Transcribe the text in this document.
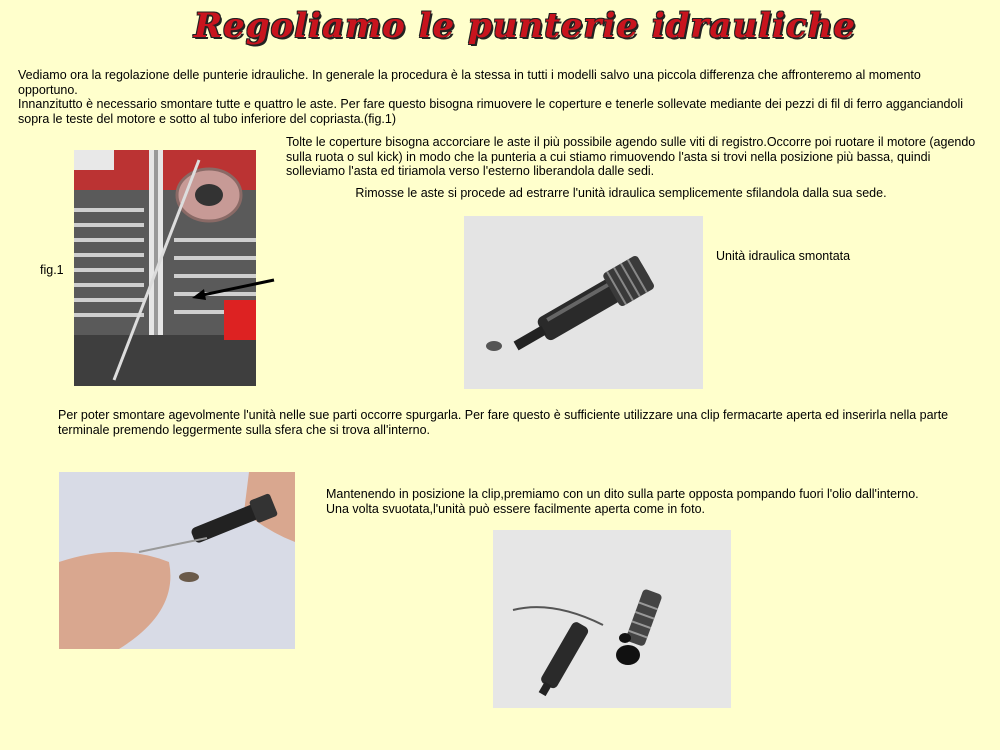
Regoliamo le punterie idrauliche

Vediamo ora la regolazione delle punterie idrauliche. In generale la procedura è la stessa in tutti i modelli salvo una piccola differenza che affronteremo al momento opportuno.

Innanzitutto è necessario smontare tutte e quattro le aste. Per fare questo bisogna rimuovere le coperture e tenerle sollevate mediante dei pezzi di fil di ferro agganciandoli sopra le teste del motore e sotto al tubo inferiore del copriasta.(fig.1)

fig.1

Tolte le coperture bisogna accorciare le aste il più possibile agendo sulle viti di registro.Occorre poi ruotare il motore (agendo sulla ruota o sul kick) in modo che la punteria a cui stiamo rimuovendo l'asta si trovi nella posizione più bassa, quindi solleviamo l'asta ed tiriamola verso l'esterno liberandola dalle sedi.

Rimosse le aste si procede ad estrarre l'unità idraulica semplicemente sfilandola dalla sua sede.
Unità idraulica smontata

Per poter smontare agevolmente l'unità nelle sue parti occorre spurgarla. Per fare questo è sufficiente utilizzare una clip fermacarte aperta ed inserirla nella parte terminale premendo leggermente sulla sfera che si trova all'interno.

Mantenendo in posizione la clip,premiamo con un dito sulla parte opposta pompando fuori l'olio dall'interno.

Una volta svuotata,l'unità può essere facilmente aperta come in foto.
